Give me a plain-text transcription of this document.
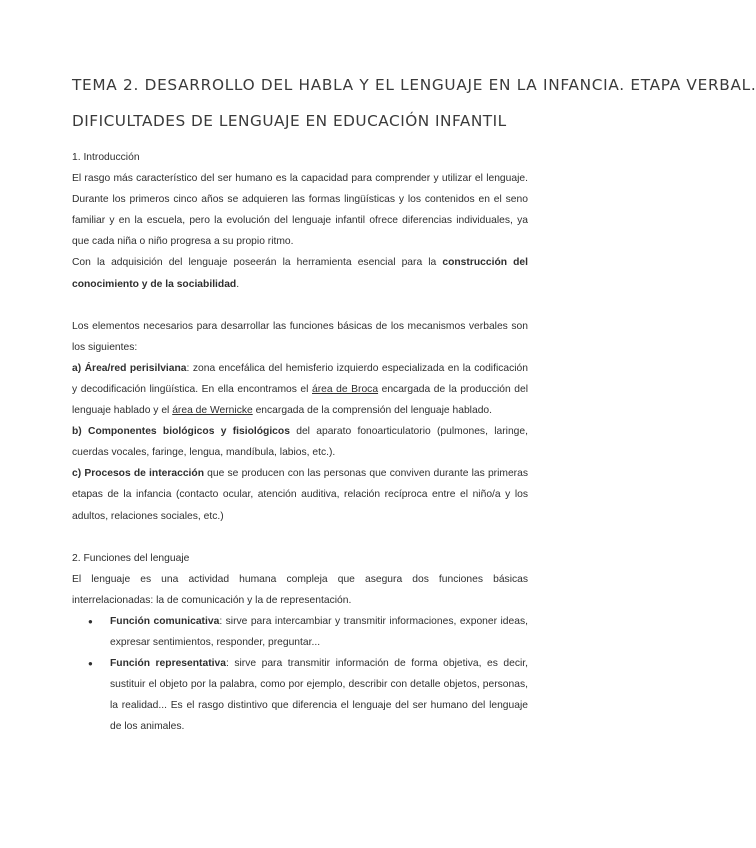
TEMA 2. DESARROLLO DEL HABLA Y EL LENGUAJE EN LA INFANCIA. ETAPA VERBAL.
DIFICULTADES DE LENGUAJE EN EDUCACIÓN INFANTIL

1. Introducción

El rasgo más característico del ser humano es la capacidad para comprender y utilizar el lenguaje. Durante los primeros cinco años se adquieren las formas lingüísticas y los contenidos en el seno familiar y en la escuela, pero la evolución del lenguaje infantil ofrece diferencias individuales, ya que cada niña o niño progresa a su propio ritmo.

Con la adquisición del lenguaje poseerán la herramienta esencial para la construcción del conocimiento y de la sociabilidad.

Los elementos necesarios para desarrollar las funciones básicas de los mecanismos verbales son los siguientes:

a) Área/red perisilviana: zona encefálica del hemisferio izquierdo especializada en la codificación y decodificación lingüística. En ella encontramos el área de Broca encargada de la producción del lenguaje hablado y el área de Wernicke encargada de la comprensión del lenguaje hablado.

b) Componentes biológicos y fisiológicos del aparato fonoarticulatorio (pulmones, laringe, cuerdas vocales, faringe, lengua, mandíbula, labios, etc.).

c) Procesos de interacción que se producen con las personas que conviven durante las primeras etapas de la infancia (contacto ocular, atención auditiva, relación recíproca entre el niño/a y los adultos, relaciones sociales, etc.)

2. Funciones del lenguaje

El lenguaje es una actividad humana compleja que asegura dos funciones básicas interrelacionadas: la de comunicación y la de representación.

● Función comunicativa: sirve para intercambiar y transmitir informaciones, exponer ideas, expresar sentimientos, responder, preguntar...
● Función representativa: sirve para transmitir información de forma objetiva, es decir, sustituir el objeto por la palabra, como por ejemplo, describir con detalle objetos, personas, la realidad... Es el rasgo distintivo que diferencia el lenguaje del ser humano del lenguaje de los animales.
